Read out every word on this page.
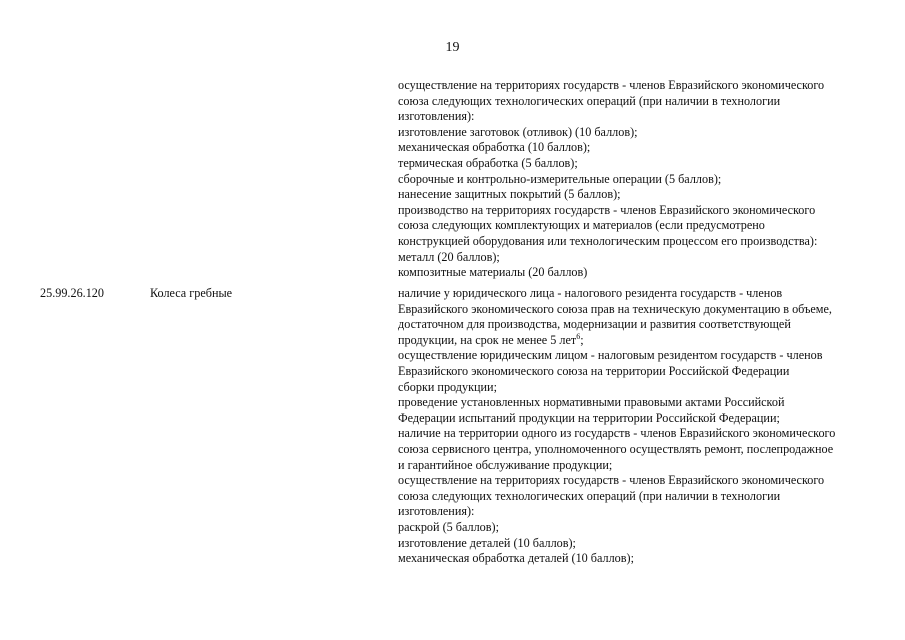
19
осуществление на территориях государств - членов Евразийского экономического
союза следующих технологических операций (при наличии в технологии
изготовления):
изготовление заготовок (отливок) (10 баллов);
механическая обработка (10 баллов);
термическая обработка (5 баллов);
сборочные и контрольно-измерительные операции (5 баллов);
нанесение защитных покрытий (5 баллов);
производство на территориях государств - членов Евразийского экономического
союза следующих комплектующих и материалов (если предусмотрено
конструкцией оборудования или технологическим процессом его производства):
металл (20 баллов);
композитные материалы (20 баллов)
25.99.26.120	Колеса гребные	наличие у юридического лица - налогового резидента государств - членов
Евразийского экономического союза прав на техническую документацию в объеме,
достаточном для производства, модернизации и развития соответствующей
продукции, на срок не менее 5 лет$^6$;
осуществление юридическим лицом - налоговым резидентом государств - членов
Евразийского экономического союза на территории Российской Федерации
сборки продукции;
проведение установленных нормативными правовыми актами Российской
Федерации испытаний продукции на территории Российской Федерации;
наличие на территории одного из государств - членов Евразийского экономического
союза сервисного центра, уполномоченного осуществлять ремонт, послепродажное
и гарантийное обслуживание продукции;
осуществление на территориях государств - членов Евразийского экономического
союза следующих технологических операций (при наличии в технологии
изготовления):
раскрой (5 баллов);
изготовление деталей (10 баллов);
механическая обработка деталей (10 баллов);
